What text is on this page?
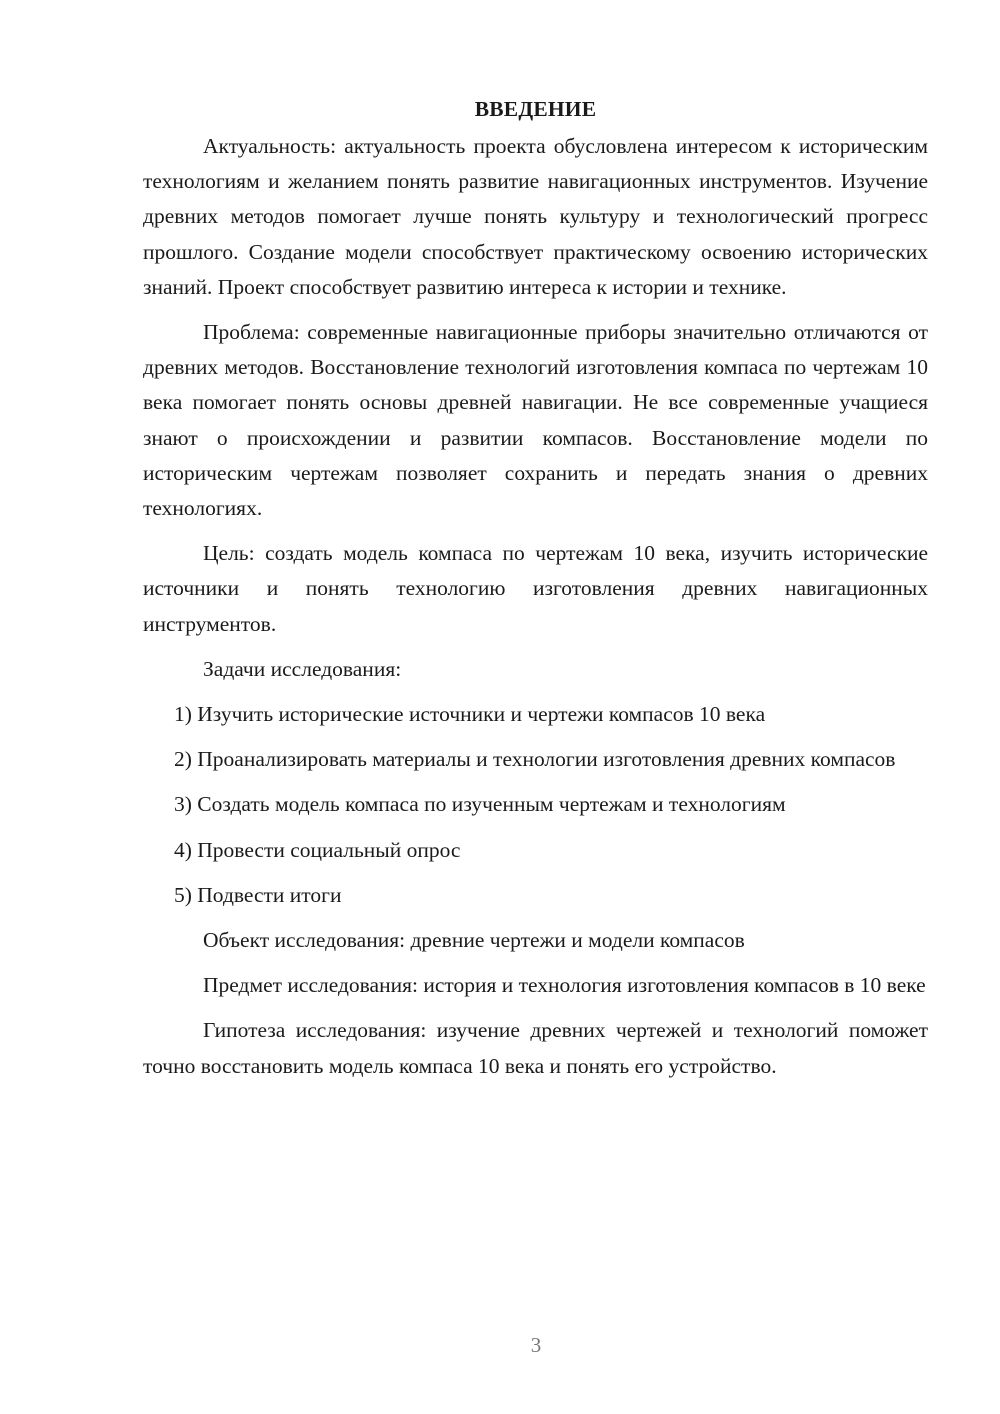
ВВЕДЕНИЕ

Актуальность: актуальность проекта обусловлена интересом к историческим технологиям и желанием понять развитие навигационных инструментов. Изучение древних методов помогает лучше понять культуру и технологический прогресс прошлого. Создание модели способствует практическому освоению исторических знаний. Проект способствует развитию интереса к истории и технике.

Проблема: современные навигационные приборы значительно отличаются от древних методов. Восстановление технологий изготовления компаса по чертежам 10 века помогает понять основы древней навигации. Не все современные учащиеся знают о происхождении и развитии компасов. Восстановление модели по историческим чертежам позволяет сохранить и передать знания о древних технологиях.

Цель: создать модель компаса по чертежам 10 века, изучить исторические источники и понять технологию изготовления древних навигационных инструментов.

Задачи исследования:

1) Изучить исторические источники и чертежи компасов 10 века

2) Проанализировать материалы и технологии изготовления древних компасов

3) Создать модель компаса по изученным чертежам и технологиям

4) Провести социальный опрос

5) Подвести итоги

Объект исследования: древние чертежи и модели компасов

Предмет исследования: история и технология изготовления компасов в 10 веке

Гипотеза исследования: изучение древних чертежей и технологий поможет точно восстановить модель компаса 10 века и понять его устройство.

3
